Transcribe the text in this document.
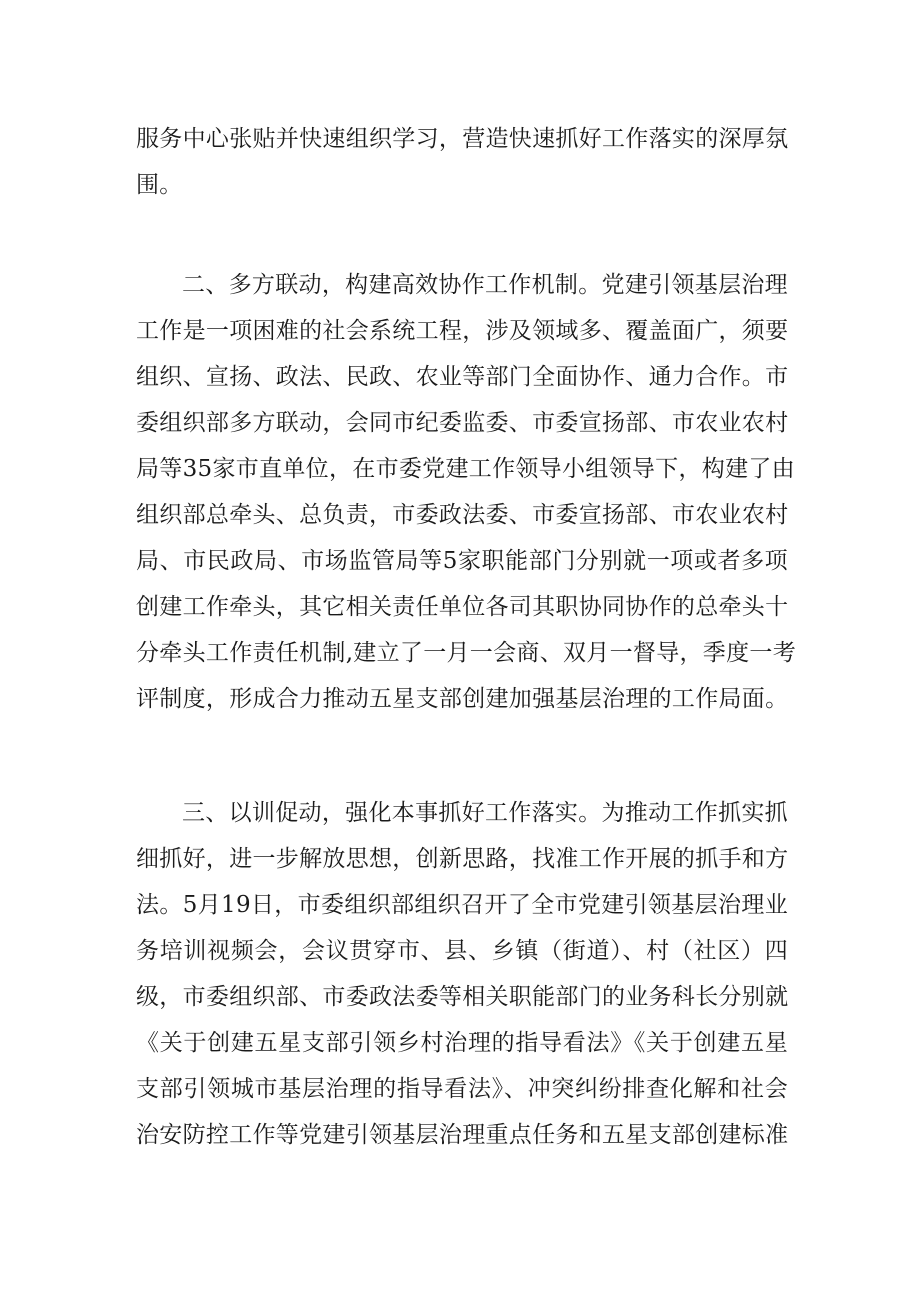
服务中心张贴并快速组织学习，营造快速抓好工作落实的深厚氛
围。
二、多方联动，构建高效协作工作机制。党建引领基层治理
工作是一项困难的社会系统工程，涉及领域多、覆盖面广，须要
组织、宣扬、政法、民政、农业等部门全面协作、通力合作。市
委组织部多方联动，会同市纪委监委、市委宣扬部、市农业农村
局等35家市直单位，在市委党建工作领导小组领导下，构建了由
组织部总牵头、总负责，市委政法委、市委宣扬部、市农业农村
局、市民政局、市场监管局等5家职能部门分别就一项或者多项
创建工作牵头，其它相关责任单位各司其职协同协作的总牵头十
分牵头工作责任机制,建立了一月一会商、双月一督导，季度一考
评制度，形成合力推动五星支部创建加强基层治理的工作局面。
三、以训促动，强化本事抓好工作落实。为推动工作抓实抓
细抓好，进一步解放思想，创新思路，找准工作开展的抓手和方
法。5月19日，市委组织部组织召开了全市党建引领基层治理业
务培训视频会，会议贯穿市、县、乡镇（街道）、村（社区）四
级，市委组织部、市委政法委等相关职能部门的业务科长分别就
《关于创建五星支部引领乡村治理的指导看法》《关于创建五星
支部引领城市基层治理的指导看法》、冲突纠纷排查化解和社会
治安防控工作等党建引领基层治理重点任务和五星支部创建标准
